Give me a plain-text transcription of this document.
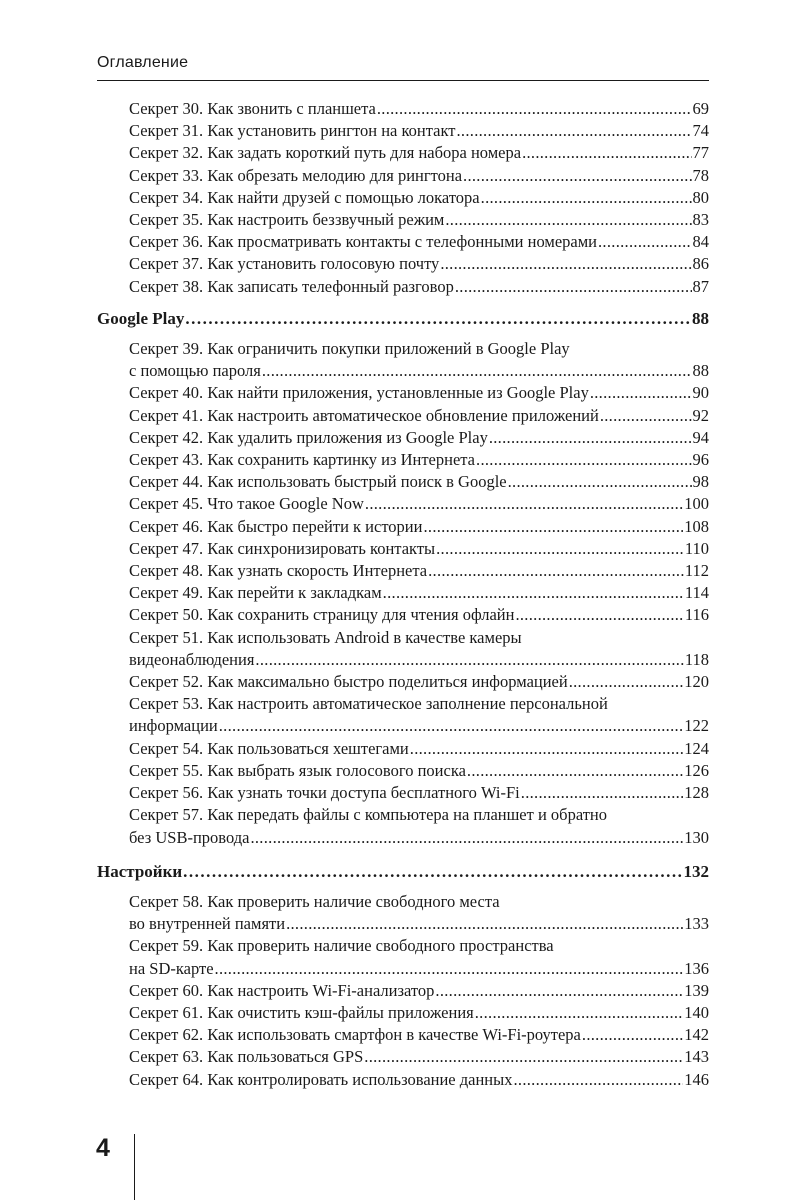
Оглавление
Секрет 30. Как звонить с планшета .....	69
Секрет 31. Как установить рингтон на контакт .....	74
Секрет 32. Как задать короткий путь для набора номера .....	77
Секрет 33. Как обрезать мелодию для рингтона .....	78
Секрет 34. Как найти друзей с помощью локатора .....	80
Секрет 35. Как настроить беззвучный режим .....	83
Секрет 36. Как просматривать контакты с телефонными номерами .....	84
Секрет 37. Как установить голосовую почту .....	86
Секрет 38. Как записать телефонный разговор .....	87
Google Play .....	88
Секрет 39. Как ограничить покупки приложений в Google Play
с помощью пароля .....	88
Секрет 40. Как найти приложения, установленные из Google Play .....	90
Секрет 41. Как настроить автоматическое обновление приложений .....	92
Секрет 42. Как удалить приложения из Google Play .....	94
Секрет 43. Как сохранить картинку из Интернета .....	96
Секрет 44. Как использовать быстрый поиск в Google .....	98
Секрет 45. Что такое Google Now .....	100
Секрет 46. Как быстро перейти к истории .....	108
Секрет 47. Как синхронизировать контакты .....	110
Секрет 48. Как узнать скорость Интернета .....	112
Секрет 49. Как перейти к закладкам .....	114
Секрет 50. Как сохранить страницу для чтения офлайн .....	116
Секрет 51. Как использовать Android в качестве камеры
видеонаблюдения .....	118
Секрет 52. Как максимально быстро поделиться информацией .....	120
Секрет 53. Как настроить автоматическое заполнение персональной
информации .....	122
Секрет 54. Как пользоваться хештегами .....	124
Секрет 55. Как выбрать язык голосового поиска .....	126
Секрет 56. Как узнать точки доступа бесплатного Wi-Fi .....	128
Секрет 57. Как передать файлы с компьютера на планшет и обратно
без USB-провода .....	130
Настройки .....	132
Секрет 58. Как проверить наличие свободного места
во внутренней памяти .....	133
Секрет 59. Как проверить наличие свободного пространства
на SD-карте .....	136
Секрет 60. Как настроить Wi-Fi-анализатор .....	139
Секрет 61. Как очистить кэш-файлы приложения .....	140
Секрет 62. Как использовать смартфон в качестве Wi-Fi-роутера .....	142
Секрет 63. Как пользоваться GPS .....	143
Секрет 64. Как контролировать использование данных .....	146
4
